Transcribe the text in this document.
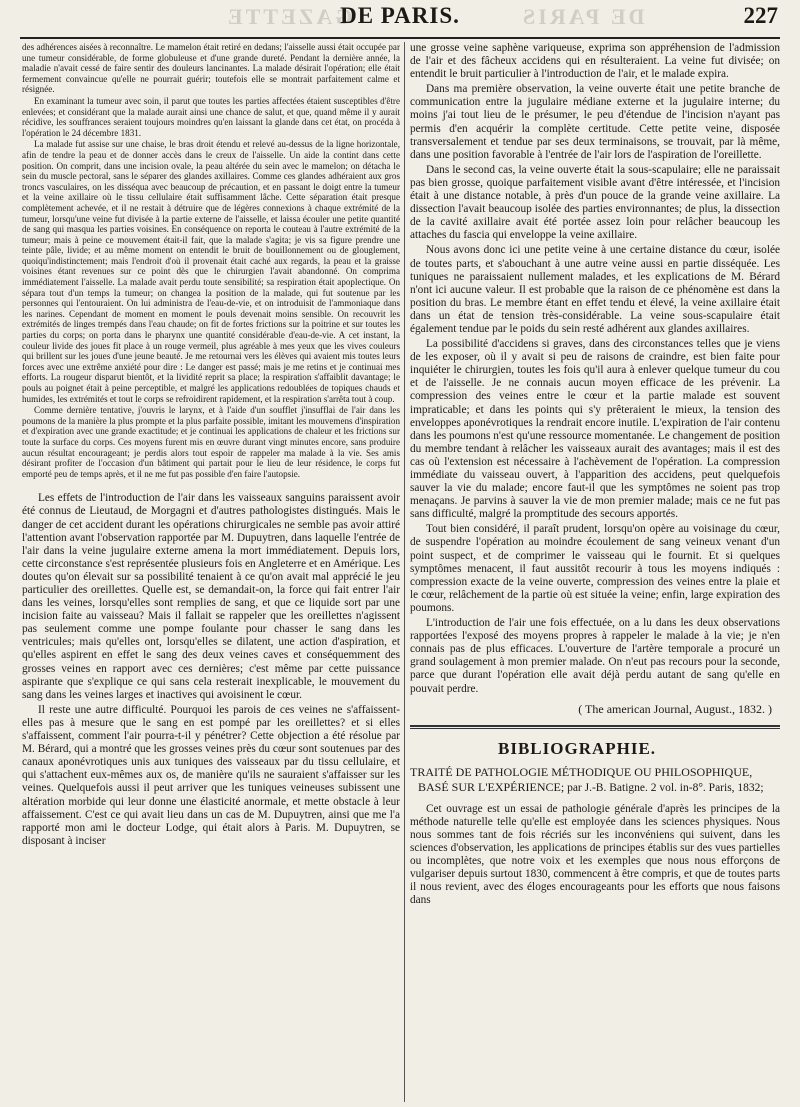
GAZETTE	DE PARIS
DE PARIS.	227

des adhérences aisées à reconnaître. Le mamelon était retiré en dedans; l'aisselle aussi était occupée par une tumeur considérable, de forme globuleuse et d'une grande dureté. Pendant la dernière année, la maladie n'avait cessé de faire sentir des douleurs lancinantes. La malade désirait l'opération; elle était fermement convaincue qu'elle ne pourrait guérir; toutefois elle se montrait parfaitement calme et résignée.

En examinant la tumeur avec soin, il parut que toutes les parties affectées étaient susceptibles d'être enlevées; et considérant que la malade aurait ainsi une chance de salut, et que, quand même il y aurait récidive, les souffrances seraient toujours moindres qu'en laissant la glande dans cet état, on procéda à l'opération le 24 décembre 1831.

La malade fut assise sur une chaise, le bras droit étendu et relevé au-dessus de la ligne horizontale, afin de tendre la peau et de donner accès dans le creux de l'aisselle. Un aide la contint dans cette position. On comprit, dans une incision ovale, la peau altérée du sein avec le mamelon; on détacha le sein du muscle pectoral, sans le séparer des glandes axillaires. Comme ces glandes adhéraient aux gros troncs vasculaires, on les disséqua avec beaucoup de précaution, et en passant le doigt entre la tumeur et la veine axillaire où le tissu cellulaire était suffisamment lâche. Cette séparation était presque complètement achevée, et il ne restait à détruire que de légères connexions à chaque extrémité de la tumeur, lorsqu'une veine fut divisée à la partie externe de l'aisselle, et laissa écouler une petite quantité de sang qui masqua les parties voisines. En conséquence on reporta le couteau à l'autre extrémité de la tumeur; mais à peine ce mouvement était-il fait, que la malade s'agita; je vis sa figure prendre une teinte pâle, livide; et au même moment on entendit le bruit de bouillonnement ou de glouglement, quoiqu'indistinctement; mais l'endroit d'où il provenait était caché aux regards, la peau et la graisse voisines étant revenues sur ce point dès que le chirurgien l'avait abandonné. On comprima immédiatement l'aisselle. La malade avait perdu toute sensibilité; sa respiration était apoplectique. On sépara tout d'un temps la tumeur; on changea la position de la malade, qui fut soutenue par les personnes qui l'entouraient. On lui administra de l'eau-de-vie, et on introduisit de l'ammoniaque dans les narines. Cependant de moment en moment le pouls devenait moins sensible. On recouvrit les extrémités de linges trempés dans l'eau chaude; on fit de fortes frictions sur la poitrine et sur toutes les parties du corps; on porta dans le pharynx une quantité considérable d'eau-de-vie. A cet instant, la couleur livide des joues fit place à un rouge vermeil, plus agréable à mes yeux que les vives couleurs qui brillent sur les joues d'une jeune beauté. Je me retournai vers les élèves qui avaient mis toutes leurs forces avec une extrême anxiété pour dire : Le danger est passé; mais je me retins et je continuai mes efforts. La rougeur disparut bientôt, et la lividité reprit sa place; la respiration s'affaiblit davantage; le pouls au poignet était à peine perceptible, et malgré les applications redoublées de topiques chauds et humides, les extrémités et tout le corps se refroidirent rapidement, et la respiration s'arrêta tout à coup.

Comme dernière tentative, j'ouvris le larynx, et à l'aide d'un soufflet j'insufflai de l'air dans les poumons de la manière la plus prompte et la plus parfaite possible, imitant les mouvemens d'inspiration et d'expiration avec une grande exactitude; et je continuai les applications de chaleur et les frictions sur toute la surface du corps. Ces moyens furent mis en œuvre durant vingt minutes encore, sans produire aucun résultat encourageant; je perdis alors tout espoir de rappeler ma malade à la vie. Ses amis désirant profiter de l'occasion d'un bâtiment qui partait pour le lieu de leur résidence, le corps fut emporté peu de temps après, et il ne me fut pas possible d'en faire l'autopsie.

Les effets de l'introduction de l'air dans les vaisseaux sanguins paraissent avoir été connus de Lieutaud, de Morgagni et d'autres pathologistes distingués. Mais le danger de cet accident durant les opérations chirurgicales ne semble pas avoir attiré l'attention avant l'observation rapportée par M. Dupuytren, dans laquelle l'entrée de l'air dans la veine jugulaire externe amena la mort immédiatement. Depuis lors, cette circonstance s'est représentée plusieurs fois en Angleterre et en Amérique. Les doutes qu'on élevait sur sa possibilité tenaient à ce qu'on avait mal apprécié le jeu particulier des oreillettes. Quelle est, se demandait-on, la force qui fait entrer l'air dans les veines, lorsqu'elles sont remplies de sang, et que ce liquide sort par une incision faite au vaisseau? Mais il fallait se rappeler que les oreillettes n'agissent pas seulement comme une pompe foulante pour chasser le sang dans les ventricules; mais qu'elles ont, lorsqu'elles se dilatent, une action d'aspiration, et qu'elles aspirent en effet le sang des deux veines caves et conséquemment des grosses veines en rapport avec ces dernières; c'est même par cette puissance aspirante que s'explique ce qui sans cela resterait inexplicable, le mouvement du sang dans les veines larges et inactives qui avoisinent le cœur.

Il reste une autre difficulté. Pourquoi les parois de ces veines ne s'affaissent-elles pas à mesure que le sang en est pompé par les oreillettes? et si elles s'affaissent, comment l'air pourra-t-il y pénétrer? Cette objection a été résolue par M. Bérard, qui a montré que les grosses veines près du cœur sont soutenues par des canaux aponévrotiques unis aux tuniques des vaisseaux par du tissu cellulaire, et qui s'attachent eux-mêmes aux os, de manière qu'ils ne sauraient s'affaisser sur les veines. Quelquefois aussi il peut arriver que les tuniques veineuses subissent une altération morbide qui leur donne une élasticité anormale, et mette obstacle à leur affaissement. C'est ce qui avait lieu dans un cas de M. Dupuytren, ainsi que me l'a rapporté mon ami le docteur Lodge, qui était alors à Paris. M. Dupuytren, se disposant à inciser

une grosse veine saphène variqueuse, exprima son appréhension de l'admission de l'air et des fâcheux accidens qui en résulteraient. La veine fut divisée; on entendit le bruit particulier à l'introduction de l'air, et le malade expira.

Dans ma première observation, la veine ouverte était une petite branche de communication entre la jugulaire médiane externe et la jugulaire interne; du moins j'ai tout lieu de le présumer, le peu d'étendue de l'incision n'ayant pas permis d'en acquérir la complète certitude. Cette petite veine, disposée transversalement et tendue par ses deux terminaisons, se trouvait, par là même, dans une position favorable à l'entrée de l'air lors de l'aspiration de l'oreillette.

Dans le second cas, la veine ouverte était la sous-scapulaire; elle ne paraissait pas bien grosse, quoique parfaitement visible avant d'être intéressée, et l'incision était à une distance notable, à près d'un pouce de la grande veine axillaire. La dissection l'avait beaucoup isolée des parties environnantes; de plus, la dissection de la cavité axillaire avait été portée assez loin pour relâcher beaucoup les attaches du fascia qui enveloppe la veine axillaire.

Nous avons donc ici une petite veine à une certaine distance du cœur, isolée de toutes parts, et s'abouchant à une autre veine aussi en partie disséquée. Les tuniques ne paraissaient nullement malades, et les explications de M. Bérard n'ont ici aucune valeur. Il est probable que la raison de ce phénomène est dans la position du bras. Le membre étant en effet tendu et élevé, la veine axillaire était dans un état de tension très-considérable. La veine sous-scapulaire était également tendue par le poids du sein resté adhérent aux glandes axillaires.

La possibilité d'accidens si graves, dans des circonstances telles que je viens de les exposer, où il y avait si peu de raisons de craindre, est bien faite pour inquiéter le chirurgien, toutes les fois qu'il aura à enlever quelque tumeur du cou et de l'aisselle. Je ne connais aucun moyen efficace de les prévenir. La compression des veines entre le cœur et la partie malade est souvent impraticable; et dans les points qui s'y prêteraient le mieux, la tension des enveloppes aponévrotiques la rendrait encore inutile. L'expiration de l'air contenu dans les poumons n'est qu'une ressource momentanée. Le changement de position du membre tendant à relâcher les vaisseaux aurait des avantages; mais il est des cas où l'extension est nécessaire à l'achèvement de l'opération. La compression immédiate du vaisseau ouvert, à l'apparition des accidens, peut quelquefois sauver la vie du malade; encore faut-il que les symptômes ne soient pas trop menaçans. Je parvins à sauver la vie de mon premier malade; mais ce ne fut pas sans difficulté, malgré la promptitude des secours apportés.

Tout bien considéré, il paraît prudent, lorsqu'on opère au voisinage du cœur, de suspendre l'opération au moindre écoulement de sang veineux venant d'un point suspect, et de comprimer le vaisseau qui le fournit. Et si quelques symptômes menacent, il faut aussitôt recourir à tous les moyens indiqués : compression exacte de la veine ouverte, compression des veines entre la plaie et le cœur, relâchement de la partie où est située la veine; enfin, large expiration des poumons.

L'introduction de l'air une fois effectuée, on a lu dans les deux observations rapportées l'exposé des moyens propres à rappeler le malade à la vie; je n'en connais pas de plus efficaces. L'ouverture de l'artère temporale a procuré un grand soulagement à mon premier malade. On n'eut pas recours pour la seconde, parce que durant l'opération elle avait déjà perdu autant de sang qu'elle en pouvait perdre.

( The american Journal, August., 1832. )
BIBLIOGRAPHIE.
TRAITÉ DE PATHOLOGIE MÉTHODIQUE OU PHILOSOPHIQUE, BASÉ SUR L'EXPÉRIENCE; par J.-B. Batigne. 2 vol. in-8°. Paris, 1832;

Cet ouvrage est un essai de pathologie générale d'après les principes de la méthode naturelle telle qu'elle est employée dans les sciences physiques. Nous nous sommes tant de fois récriés sur les inconvéniens qui suivent, dans les sciences d'observation, les applications de principes établis sur des vues partielles ou incomplètes, que notre voix et les exemples que nous nous efforçons de vulgariser depuis surtout 1830, commencent à être compris, et que de toutes parts il nous revient, avec des éloges encourageants pour les efforts que nous faisons dans
